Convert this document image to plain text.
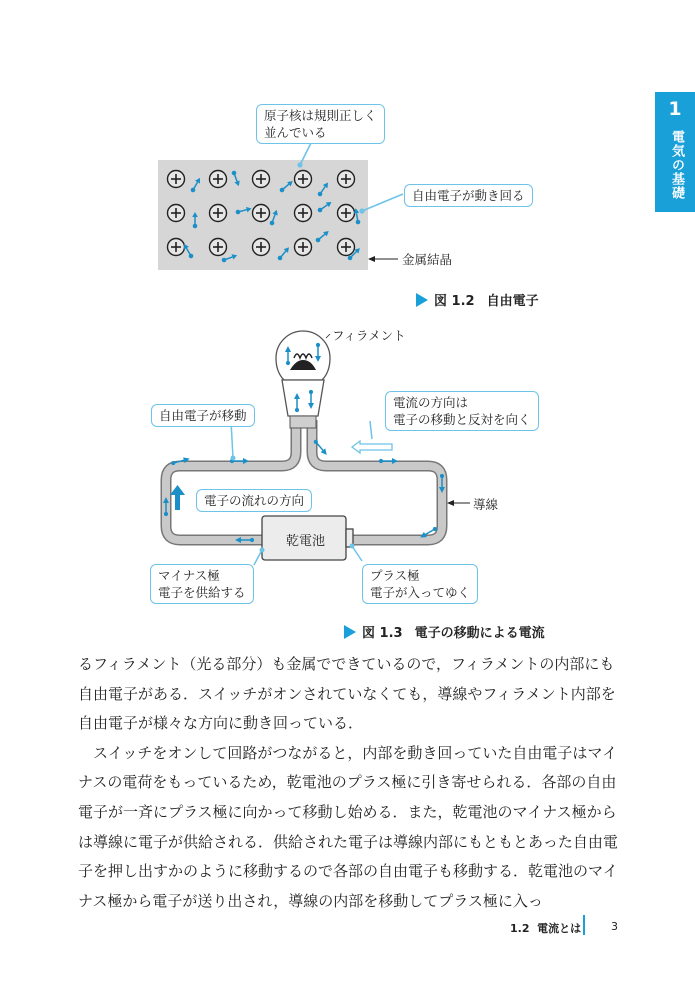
1
電気の基礎
原子核は規則正しく
並んでいる
自由電子が動き回る
金属結晶
図 1.2 自由電子
フィラメント
自由電子が移動
電流の方向は
電子の移動と反対を向く
電子の流れの方向	導線
乾電池
マイナス極
電子を供給する
プラス極
電子が入ってゆく
図 1.3 電子の移動による電流

るフィラメント（光る部分）も金属でできているので，フィラメントの内部にも自由電子がある．スイッチがオンされていなくても，導線やフィラメント内部を自由電子が様々な方向に動き回っている．

スイッチをオンして回路がつながると，内部を動き回っていた自由電子はマイナスの電荷をもっているため，乾電池のプラス極に引き寄せられる．各部の自由電子が一斉にプラス極に向かって移動し始める．また，乾電池のマイナス極からは導線に電子が供給される．供給された電子は導線内部にもともとあった自由電子を押し出すかのように移動するので各部の自由電子も移動する．乾電池のマイナス極から電子が送り出され，導線の内部を移動してプラス極に入っ

1.2 電流とは	3
